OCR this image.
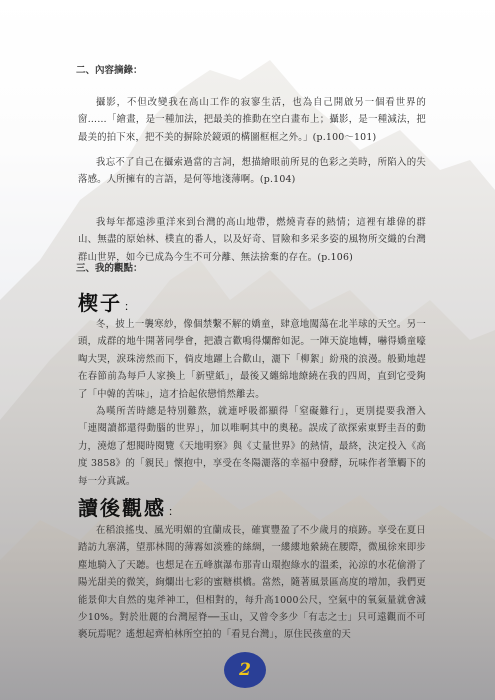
二、內容摘錄：

攝影，不但改變我在高山工作的寂寥生活，也為自己開啟另一個看世界的窗……「繪畫，是一種加法，把最美的推動在空白畫布上；攝影，是一種減法，把最美的拍下來，把不美的摒除於鏡頭的構圖框框之外。」(p.100～101)

我忘不了自己在攝索過當的言詞，想描繪眼前所見的色彩之美時，所陷入的失落感。人所擁有的言語，是何等地淺薄啊。(p.104)

我每年都遠渉重洋來到台灣的高山地帶，燃燒青春的熱情；這裡有雄偉的群山、無盡的原始林、樸直的番人，以及好奇、冒險和多采多姿的風物所交織的台灣群山世界，如今已成為今生不可分離、無法捨棄的存在。(p.106)

三、我的觀點：
楔子 ：

冬，披上一襲寒紗，像個禁繫不解的嬌童，肆意地闖蕩在北半球的天空。另一頭，成群的地牛開著同學會，把濃言歡鳴得爛醉如泥。一陣天旋地轉，嚇得嬌童嚎啕大哭，淚珠滂然而下，倘皮地躍上合歡山，灑下「柳絮」紛飛的浪漫。般勤地趕在春節前為每戶人家換上「新壁紙」，最後又纏綿地繚繞在我的四周，直到它受夠了「中韓的苦味」，這才拾起依戀悄然離去。

為嘆所苦時總是特別難熬，就連呼吸都顯得「窒礙難行」，更別提要我潛入「連閱讀都還得動腦的世界」，加以唯啊其中的奧秘。誤成了欲探索東野圭吾的動力，澆熄了想閱時閱覽《天地明察》與《丈量世界》的熱情，最終，決定投入《高度 3858》的「親民」懷抱中，享受在冬陽灑落的幸福中發酵，玩味作者筆觸下的每一分真誠。

讀後觀感 ：

在稻浪搖曳、風光明媚的宜蘭成長，確實豐盈了不少歲月的痕跡。享受在夏日踏訪九寨溝，望那林間的薄霧如淡雅的絲綢，一縷縷地縈繞在腰際，微風徐來即步塵地騎入了天聽。也想足在五峰旗瀑布那青山環抱綠水的溫柔，沁涼的水花偷滑了陽光甜美的微笑，絢爛出七彩的蜜糖棋橋。當然，隨著風景區高度的增加，我們更能景仰大自然的鬼斧神工，但相對的，每升高1000公尺，空氣中的氧氣量就會減少10%。對於壯麗的台灣屋脊──玉山，又曾令多少「有志之士」只可遠觀而不可褻玩焉呢？遙想起齊柏林所空拍的「看見台灣」，原住民孩童的天

2
